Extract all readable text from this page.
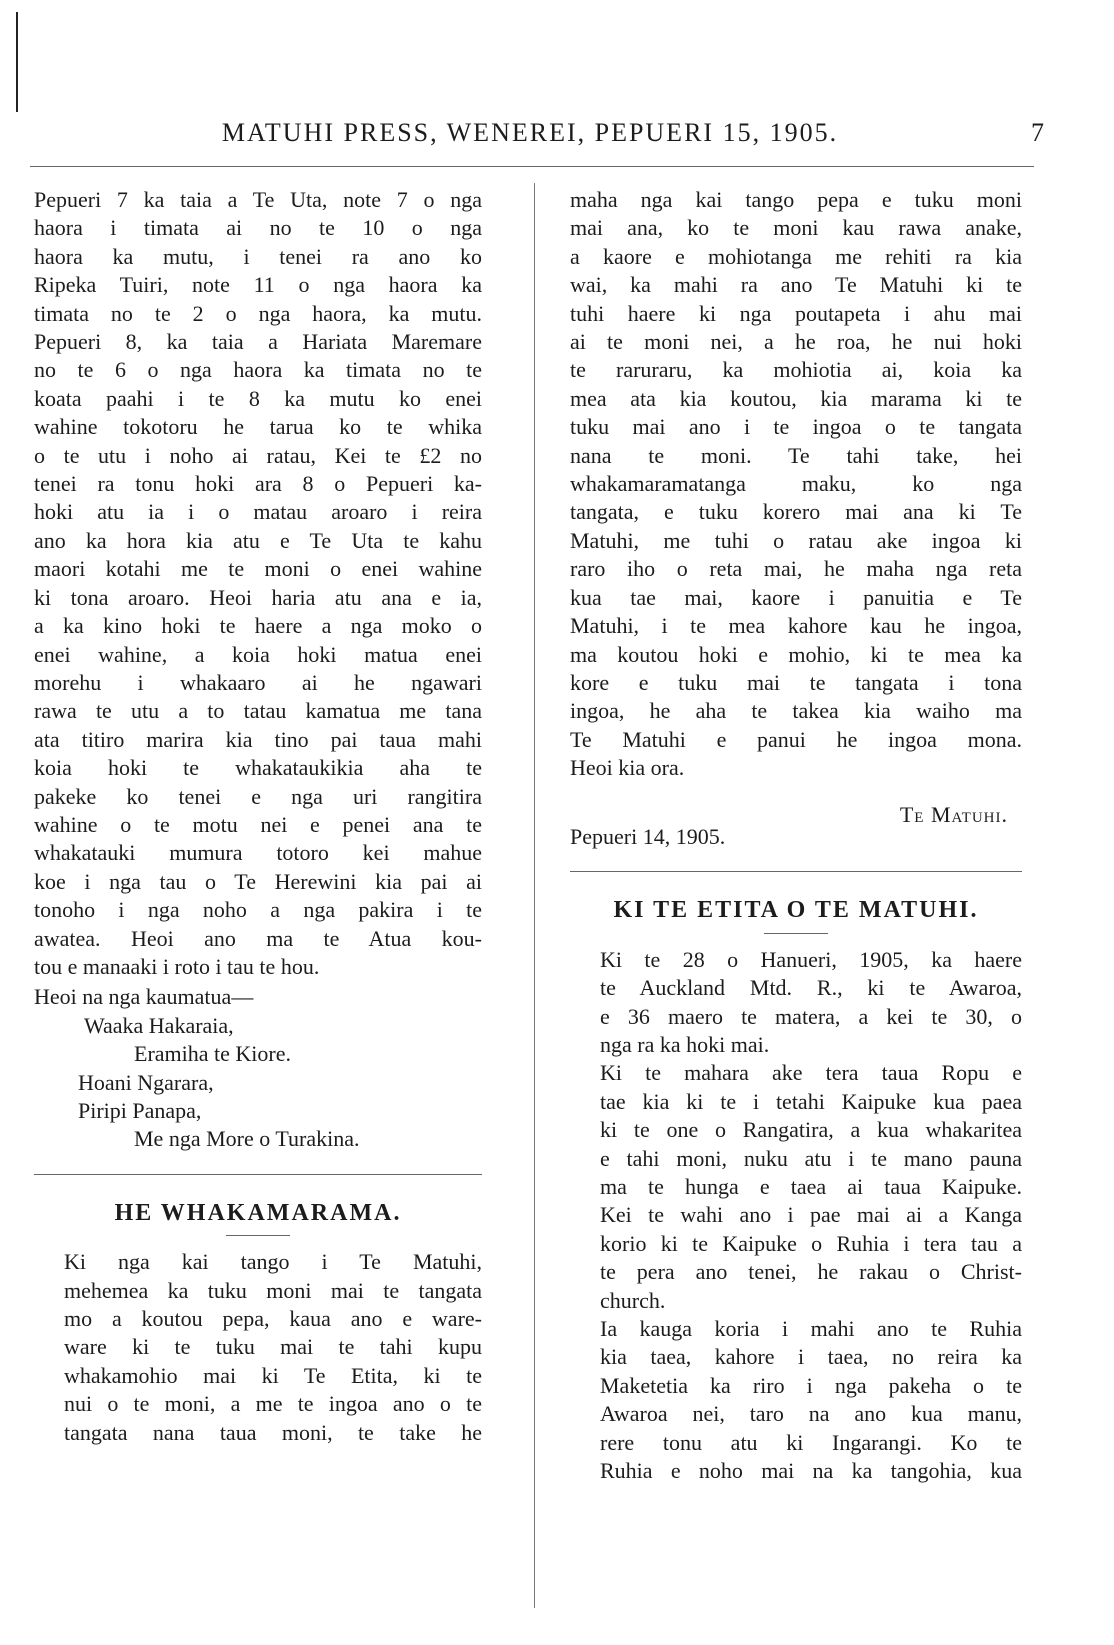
MATUHI PRESS, WENEREI, PEPUERI 15, 1905.	7
Pepueri 7 ka taia a Te Uta, note 7 o nga
haora i timata ai no te 10 o nga
haora ka mutu, i tenei ra ano ko
Ripeka Tuiri, note 11 o nga haora ka
timata no te 2 o nga haora, ka mutu.
Pepueri 8, ka taia a Hariata Maremare
no te 6 o nga haora ka timata no te
koata paahi i te 8 ka mutu ko enei
wahine tokotoru he tarua ko te whika
o te utu i noho ai ratau, Kei te £2 no
tenei ra tonu hoki ara 8 o Pepueri ka-
hoki atu ia i o matau aroaro i reira
ano ka hora kia atu e Te Uta te kahu
maori kotahi me te moni o enei wahine
ki tona aroaro. Heoi haria atu ana e ia,
a ka kino hoki te haere a nga moko o
enei wahine, a koia hoki matua enei
morehu i whakaaro ai he ngawari
rawa te utu a to tatau kamatua me tana
ata titiro marira kia tino pai taua mahi
koia hoki te whakataukikia aha te
pakeke ko tenei e nga uri rangitira
wahine o te motu nei e penei ana te
whakatauki mumura totoro kei mahue
koe i nga tau o Te Herewini kia pai ai
tonoho i nga noho a nga pakira i te
awatea. Heoi ano ma te Atua kou-
tou e manaaki i roto i tau te hou.
Heoi na nga kaumatua—
Waaka Hakaraia,
Eramiha te Kiore.
Hoani Ngarara,
Piripi Panapa,
Me nga More o Turakina.
HE WHAKAMARAMA.
Ki nga kai tango i Te Matuhi,
mehemea ka tuku moni mai te tangata
mo a koutou pepa, kaua ano e ware-
ware ki te tuku mai te tahi kupu
whakamohio mai ki Te Etita, ki te
nui o te moni, a me te ingoa ano o te
tangata nana taua moni, te take he
maha nga kai tango pepa e tuku moni
mai ana, ko te moni kau rawa anake,
a kaore e mohiotanga me rehiti ra kia
wai, ka mahi ra ano Te Matuhi ki te
tuhi haere ki nga poutapeta i ahu mai
ai te moni nei, a he roa, he nui hoki
te raruraru, ka mohiotia ai, koia ka
mea ata kia koutou, kia marama ki te
tuku mai ano i te ingoa o te tangata
nana te moni. Te tahi take, hei
whakamaramatanga maku, ko nga
tangata, e tuku korero mai ana ki Te
Matuhi, me tuhi o ratau ake ingoa ki
raro iho o reta mai, he maha nga reta
kua tae mai, kaore i panuitia e Te
Matuhi, i te mea kahore kau he ingoa,
ma koutou hoki e mohio, ki te mea ka
kore e tuku mai te tangata i tona
ingoa, he aha te takea kia waiho ma
Te Matuhi e panui he ingoa mona.
Heoi kia ora.
Te Matuhi.
Pepueri 14, 1905.
KI TE ETITA O TE MATUHI.
Ki te 28 o Hanueri, 1905, ka haere
te Auckland Mtd. R., ki te Awaroa,
e 36 maero te matera, a kei te 30, o
nga ra ka hoki mai.
Ki te mahara ake tera taua Ropu e
tae kia ki te i tetahi Kaipuke kua paea
ki te one o Rangatira, a kua whakaritea
e tahi moni, nuku atu i te mano pauna
ma te hunga e taea ai taua Kaipuke.
Kei te wahi ano i pae mai ai a Kanga
korio ki te Kaipuke o Ruhia i tera tau a
te pera ano tenei, he rakau o Christ-
church.
Ia kauga koria i mahi ano te Ruhia
kia taea, kahore i taea, no reira ka
Maketetia ka riro i nga pakeha o te
Awaroa nei, taro na ano kua manu,
rere tonu atu ki Ingarangi. Ko te
Ruhia e noho mai na ka tangohia, kua
